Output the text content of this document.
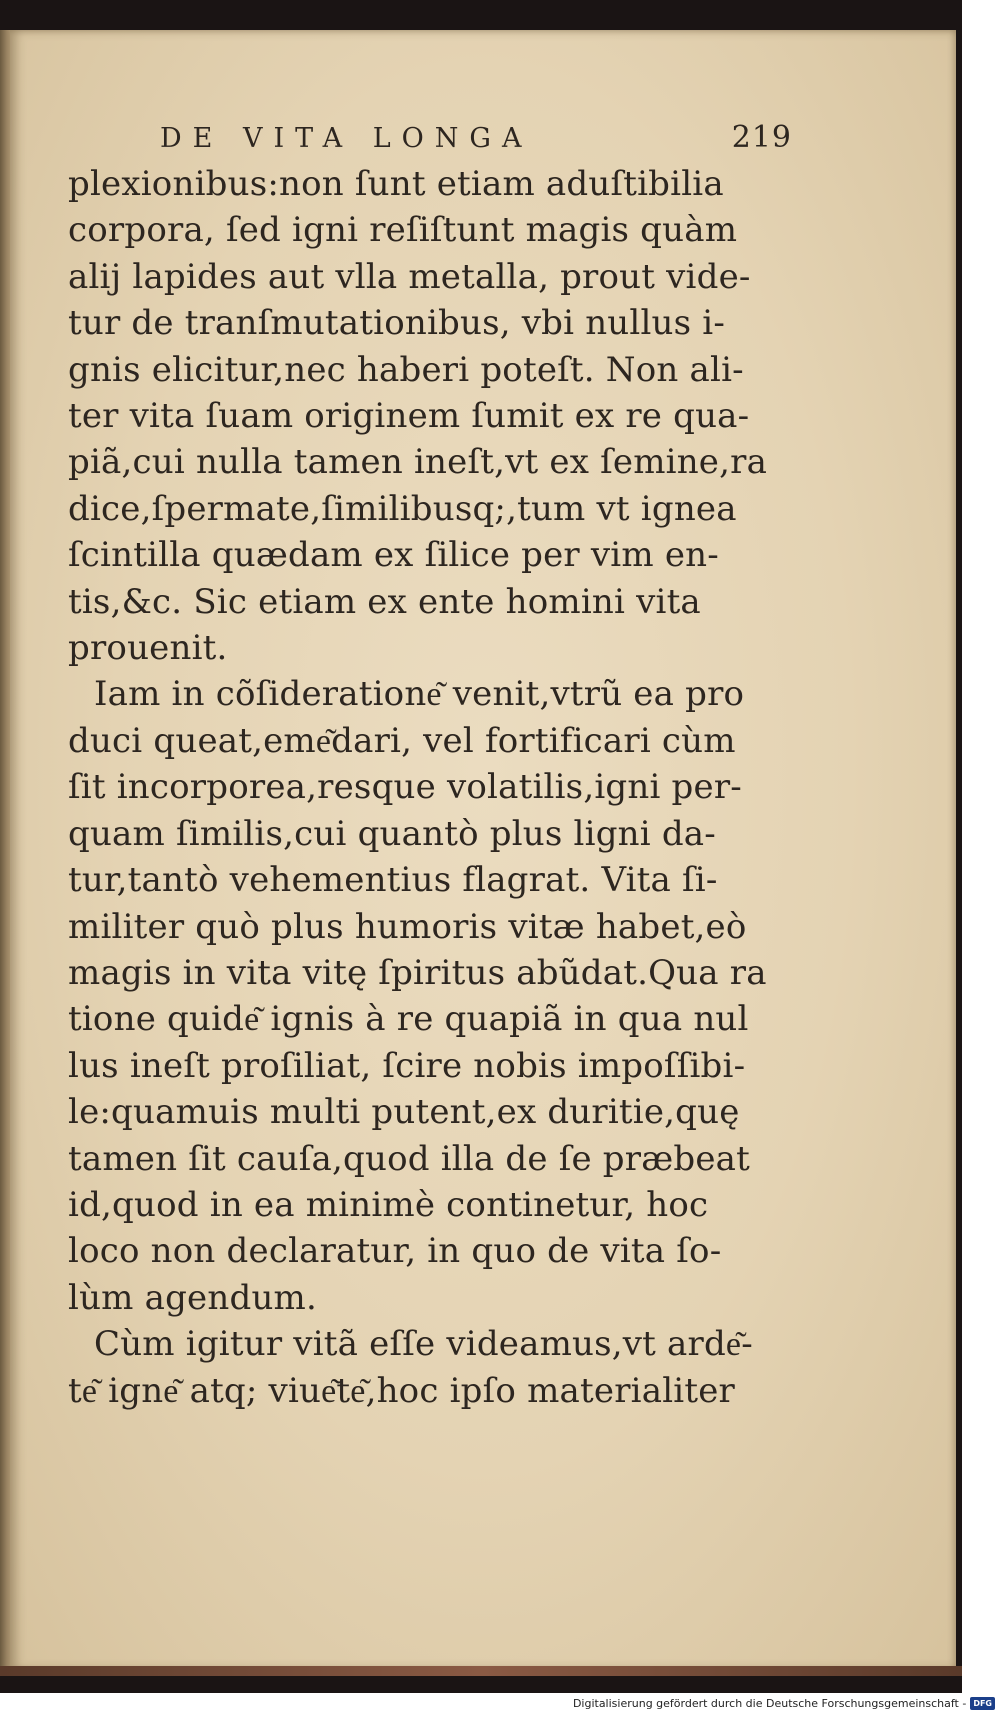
DE VITA LONGA	219
plexionibus:non ſunt etiam aduſtibilia
corpora, ſed igni reſiſtunt magis quàm
alij lapides aut vlla metalla, prout vide-
tur de tranſmutationibus, vbi nullus i-
gnis elicitur,nec haberi poteſt. Non ali-
ter vita ſuam originem ſumit ex re qua-
piã,cui nulla tamen ineſt,vt ex ſemine,ra
dice,ſpermate,ſimilibusq;,tum vt ignea
ſcintilla quædam ex ſilice per vim en-
tis,&c. Sic etiam ex ente homini vita
prouenit.
Iam in cõſideratione͂ venit,vtrũ ea pro
duci queat,eme͂dari, vel fortificari cùm
ſit incorporea,resque volatilis,igni per-
quam ſimilis,cui quantò plus ligni da-
tur,tantò vehementius flagrat. Vita ſi-
militer quò plus humoris vitæ habet,eò
magis in vita vitę ſpiritus abũdat.Qua ra
tione quide͂ ignis à re quapiã in qua nul
lus ineſt proſiliat, ſcire nobis impoſſibi-
le:quamuis multi putent,ex duritie,quę
tamen ſit cauſa,quod illa de ſe præbeat
id,quod in ea minimè continetur, hoc
loco non declaratur, in quo de vita ſo-
lùm agendum.
Cùm igitur vitã eſſe videamus,vt arde͂-
te͂ igne͂ atq; viue͂te͂,hoc ipſo materialiter
Digitalisierung gefördert durch die Deutsche Forschungsgemeinschaft - DFG
